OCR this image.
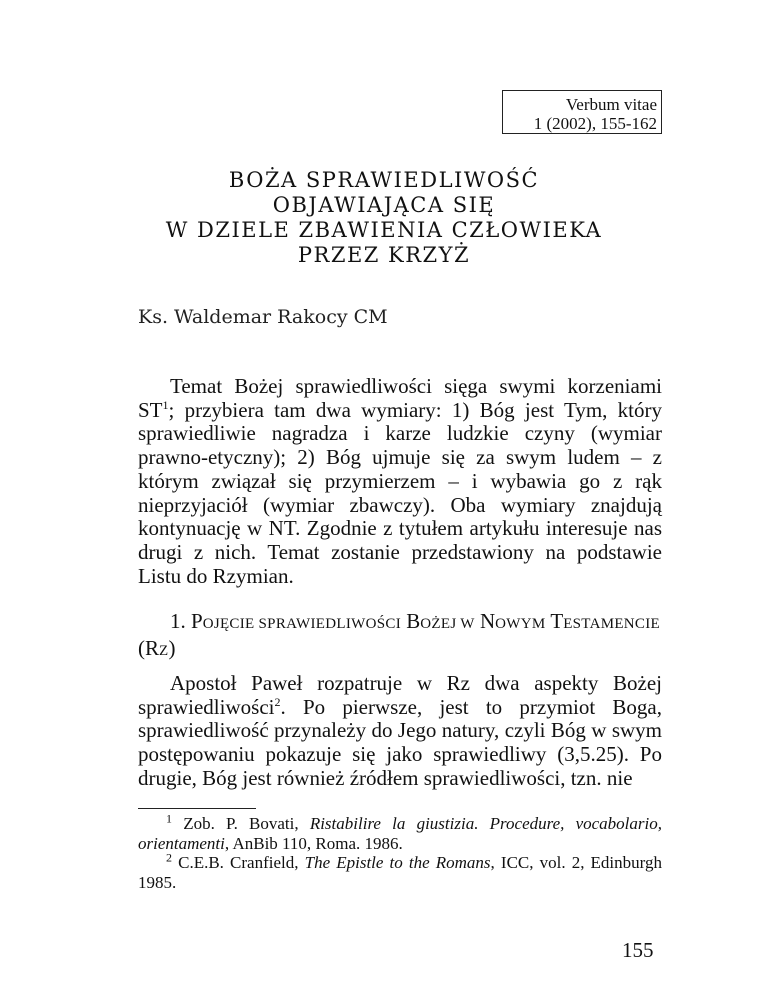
Verbum vitae
1 (2002), 155-162
BOŻA SPRAWIEDLIWOŚĆ
OBJAWIAJĄCA SIĘ
W DZIELE ZBAWIENIA CZŁOWIEKA
PRZEZ KRZYŻ
Ks. Waldemar Rakocy CM
Temat Bożej sprawiedliwości sięga swymi korzeniami $ST^1$; przybiera tam dwa wymiary: 1) Bóg jest Tym, który sprawiedliwie nagradza i karze ludzkie czyny (wymiar prawno-etyczny); 2) Bóg ujmuje się za swym ludem – z którym związał się przymierzem – i wybawia go z rąk nieprzyjaciół (wymiar zbawczy). Oba wymiary znajdują kontynuację w NT. Zgodnie z tytułem artykułu interesuje nas drugi z nich. Temat zostanie przedstawiony na podstawie Listu do Rzymian.
1. POJĘCIE SPRAWIEDLIWOŚCI BOŻEJ W NOWYM TESTAMENCIE (RZ)
Apostoł Paweł rozpatruje w Rz dwa aspekty Bożej sprawiedliwości$^2$. Po pierwsze, jest to przymiot Boga, sprawiedliwość przynależy do Jego natury, czyli Bóg w swym postępowaniu pokazuje się jako sprawiedliwy (3,5.25). Po drugie, Bóg jest również źródłem sprawiedliwości, tzn. nie

$^1$ Zob. P. Bovati, Ristabilire la giustizia. Procedure, vocabolario, orientamenti, AnBib 110, Roma. 1986.

$^2$ C.E.B. Cranfield, The Epistle to the Romans, ICC, vol. 2, Edinburgh 1985.

155
